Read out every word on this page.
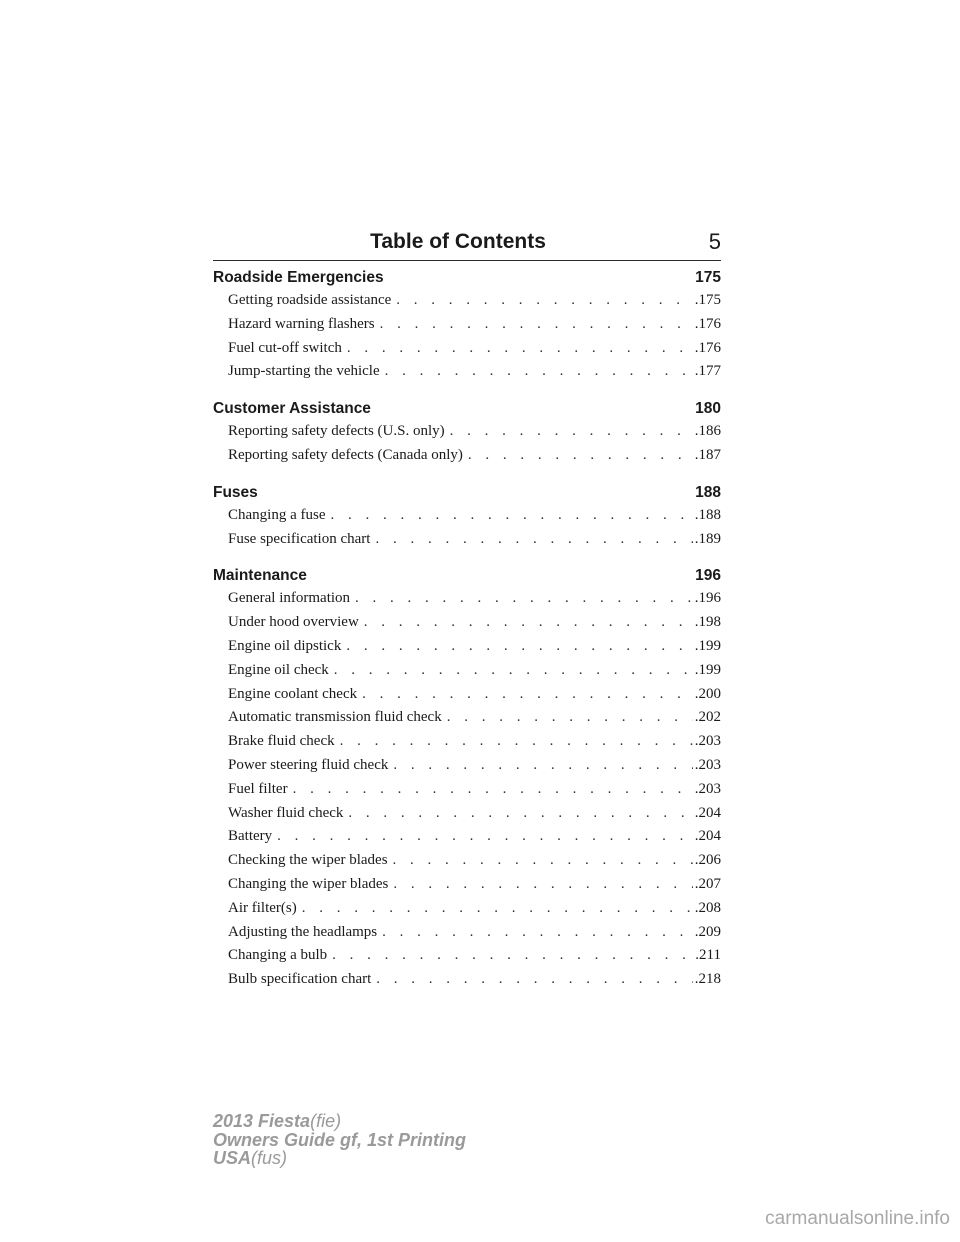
Table of Contents	5
Roadside Emergencies	175
Getting roadside assistance . . .	.175
Hazard warning flashers . . .	.176
Fuel cut-off switch . . .	.176
Jump-starting the vehicle . . .	.177
Customer Assistance	180
Reporting safety defects (U.S. only) . . .	.186
Reporting safety defects (Canada only) . . .	.187
Fuses	188
Changing a fuse . . .	.188
Fuse specification chart . . .	.189
Maintenance	196
General information . . .	.196
Under hood overview . . .	.198
Engine oil dipstick . . .	.199
Engine oil check . . .	.199
Engine coolant check . . .	.200
Automatic transmission fluid check . . .	.202
Brake fluid check . . .	.203
Power steering fluid check . . .	.203
Fuel filter . . .	.203
Washer fluid check . . .	.204
Battery . . .	.204
Checking the wiper blades . . .	.206
Changing the wiper blades . . .	.207
Air filter(s) . . .	.208
Adjusting the headlamps . . .	.209
Changing a bulb . . .	.211
Bulb specification chart . . .	.218
2013 Fiesta(fie)
Owners Guide gf, 1st Printing
USA(fus)
carmanualsonline.info
